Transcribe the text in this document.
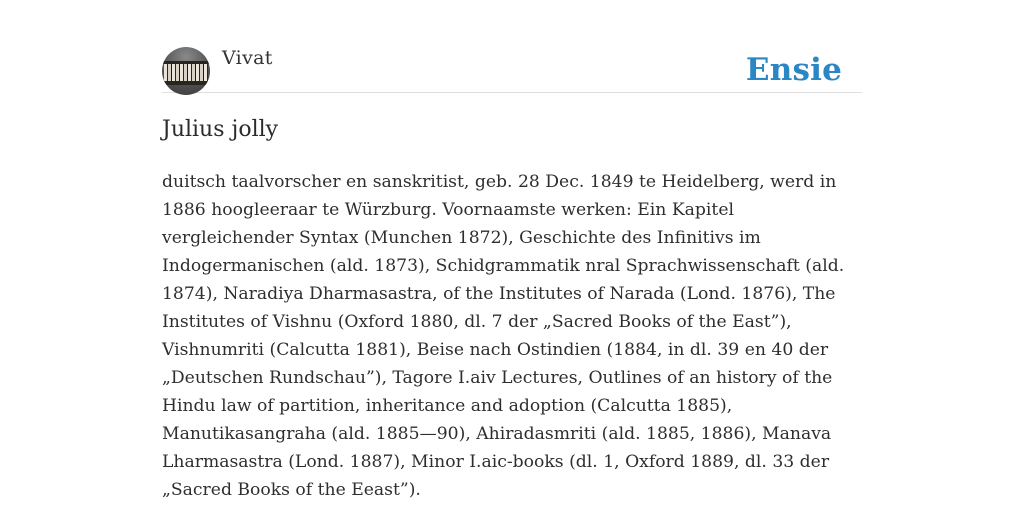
Vivat	Ensie
Julius jolly

duitsch taalvorscher en sanskritist, geb. 28 Dec. 1849 te Heidelberg, werd in 1886 hoogleeraar te Würzburg. Voornaamste werken: Ein Kapitel vergleichender Syntax (Munchen 1872), Geschichte des Infinitivs im Indogermanischen (ald. 1873), Schidgrammatik nral Sprachwissenschaft (ald. 1874), Naradiya Dharmasastra, of the Institutes of Narada (Lond. 1876), The Institutes of Vishnu (Oxford 1880, dl. 7 der „Sacred Books of the East”), Vishnumriti (Calcutta 1881), Beise nach Ostindien (1884, in dl. 39 en 40 der „Deutschen Rundschau”), Tagore I.aiv Lectures, Outlines of an history of the Hindu law of partition, inheritance and adoption (Calcutta 1885), Manutikasangraha (ald. 1885—90), Ahiradasmriti (ald. 1885, 1886), Manava Lharmasastra (Lond. 1887), Minor I.aic-books (dl. 1, Oxford 1889, dl. 33 der „Sacred Books of the Eeast”).
